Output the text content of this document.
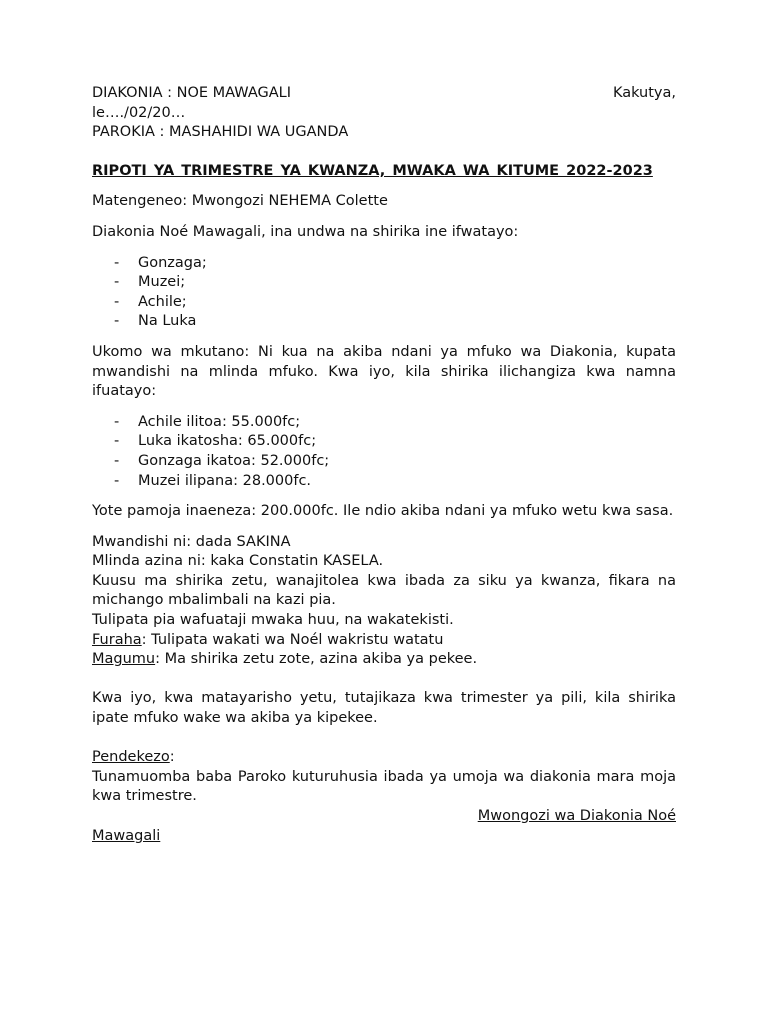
DIAKONIA : NOE MAWAGALI	Kakutya,

le…./02/20…

PAROKIA : MASHAHIDI WA UGANDA

RIPOTI YA TRIMESTRE YA KWANZA, MWAKA WA KITUME 2022-2023

Matengeneo: Mwongozi NEHEMA Colette

Diakonia Noé Mawagali, ina undwa na shirika ine ifwatayo:

-	Gonzaga;
-	Muzei;
-	Achile;
-	Na Luka

Ukomo wa mkutano: Ni kua na akiba ndani ya mfuko wa Diakonia, kupata mwandishi na mlinda mfuko. Kwa iyo, kila shirika ilichangiza kwa namna ifuatayo:

-	Achile ilitoa: 55.000fc;
-	Luka ikatosha: 65.000fc;
-	Gonzaga ikatoa: 52.000fc;
-	Muzei ilipana: 28.000fc.

Yote pamoja inaeneza: 200.000fc. Ile ndio akiba ndani ya mfuko wetu kwa sasa.

Mwandishi ni: dada SAKINA

Mlinda azina ni: kaka Constatin KASELA.

Kuusu ma shirika zetu, wanajitolea kwa ibada za siku ya kwanza, fikara na michango mbalimbali na kazi pia.

Tulipata pia wafuataji mwaka huu, na wakatekisti.

Furaha: Tulipata wakati wa Noél wakristu watatu

Magumu: Ma shirika zetu zote, azina akiba ya pekee.

Kwa iyo, kwa matayarisho yetu, tutajikaza kwa trimester ya pili, kila shirika ipate mfuko wake wa akiba ya kipekee.

Pendekezo:

Tunamuomba baba Paroko kuturuhusia ibada ya umoja wa diakonia mara moja kwa trimestre.

Mwongozi wa Diakonia Noé

Mawagali
